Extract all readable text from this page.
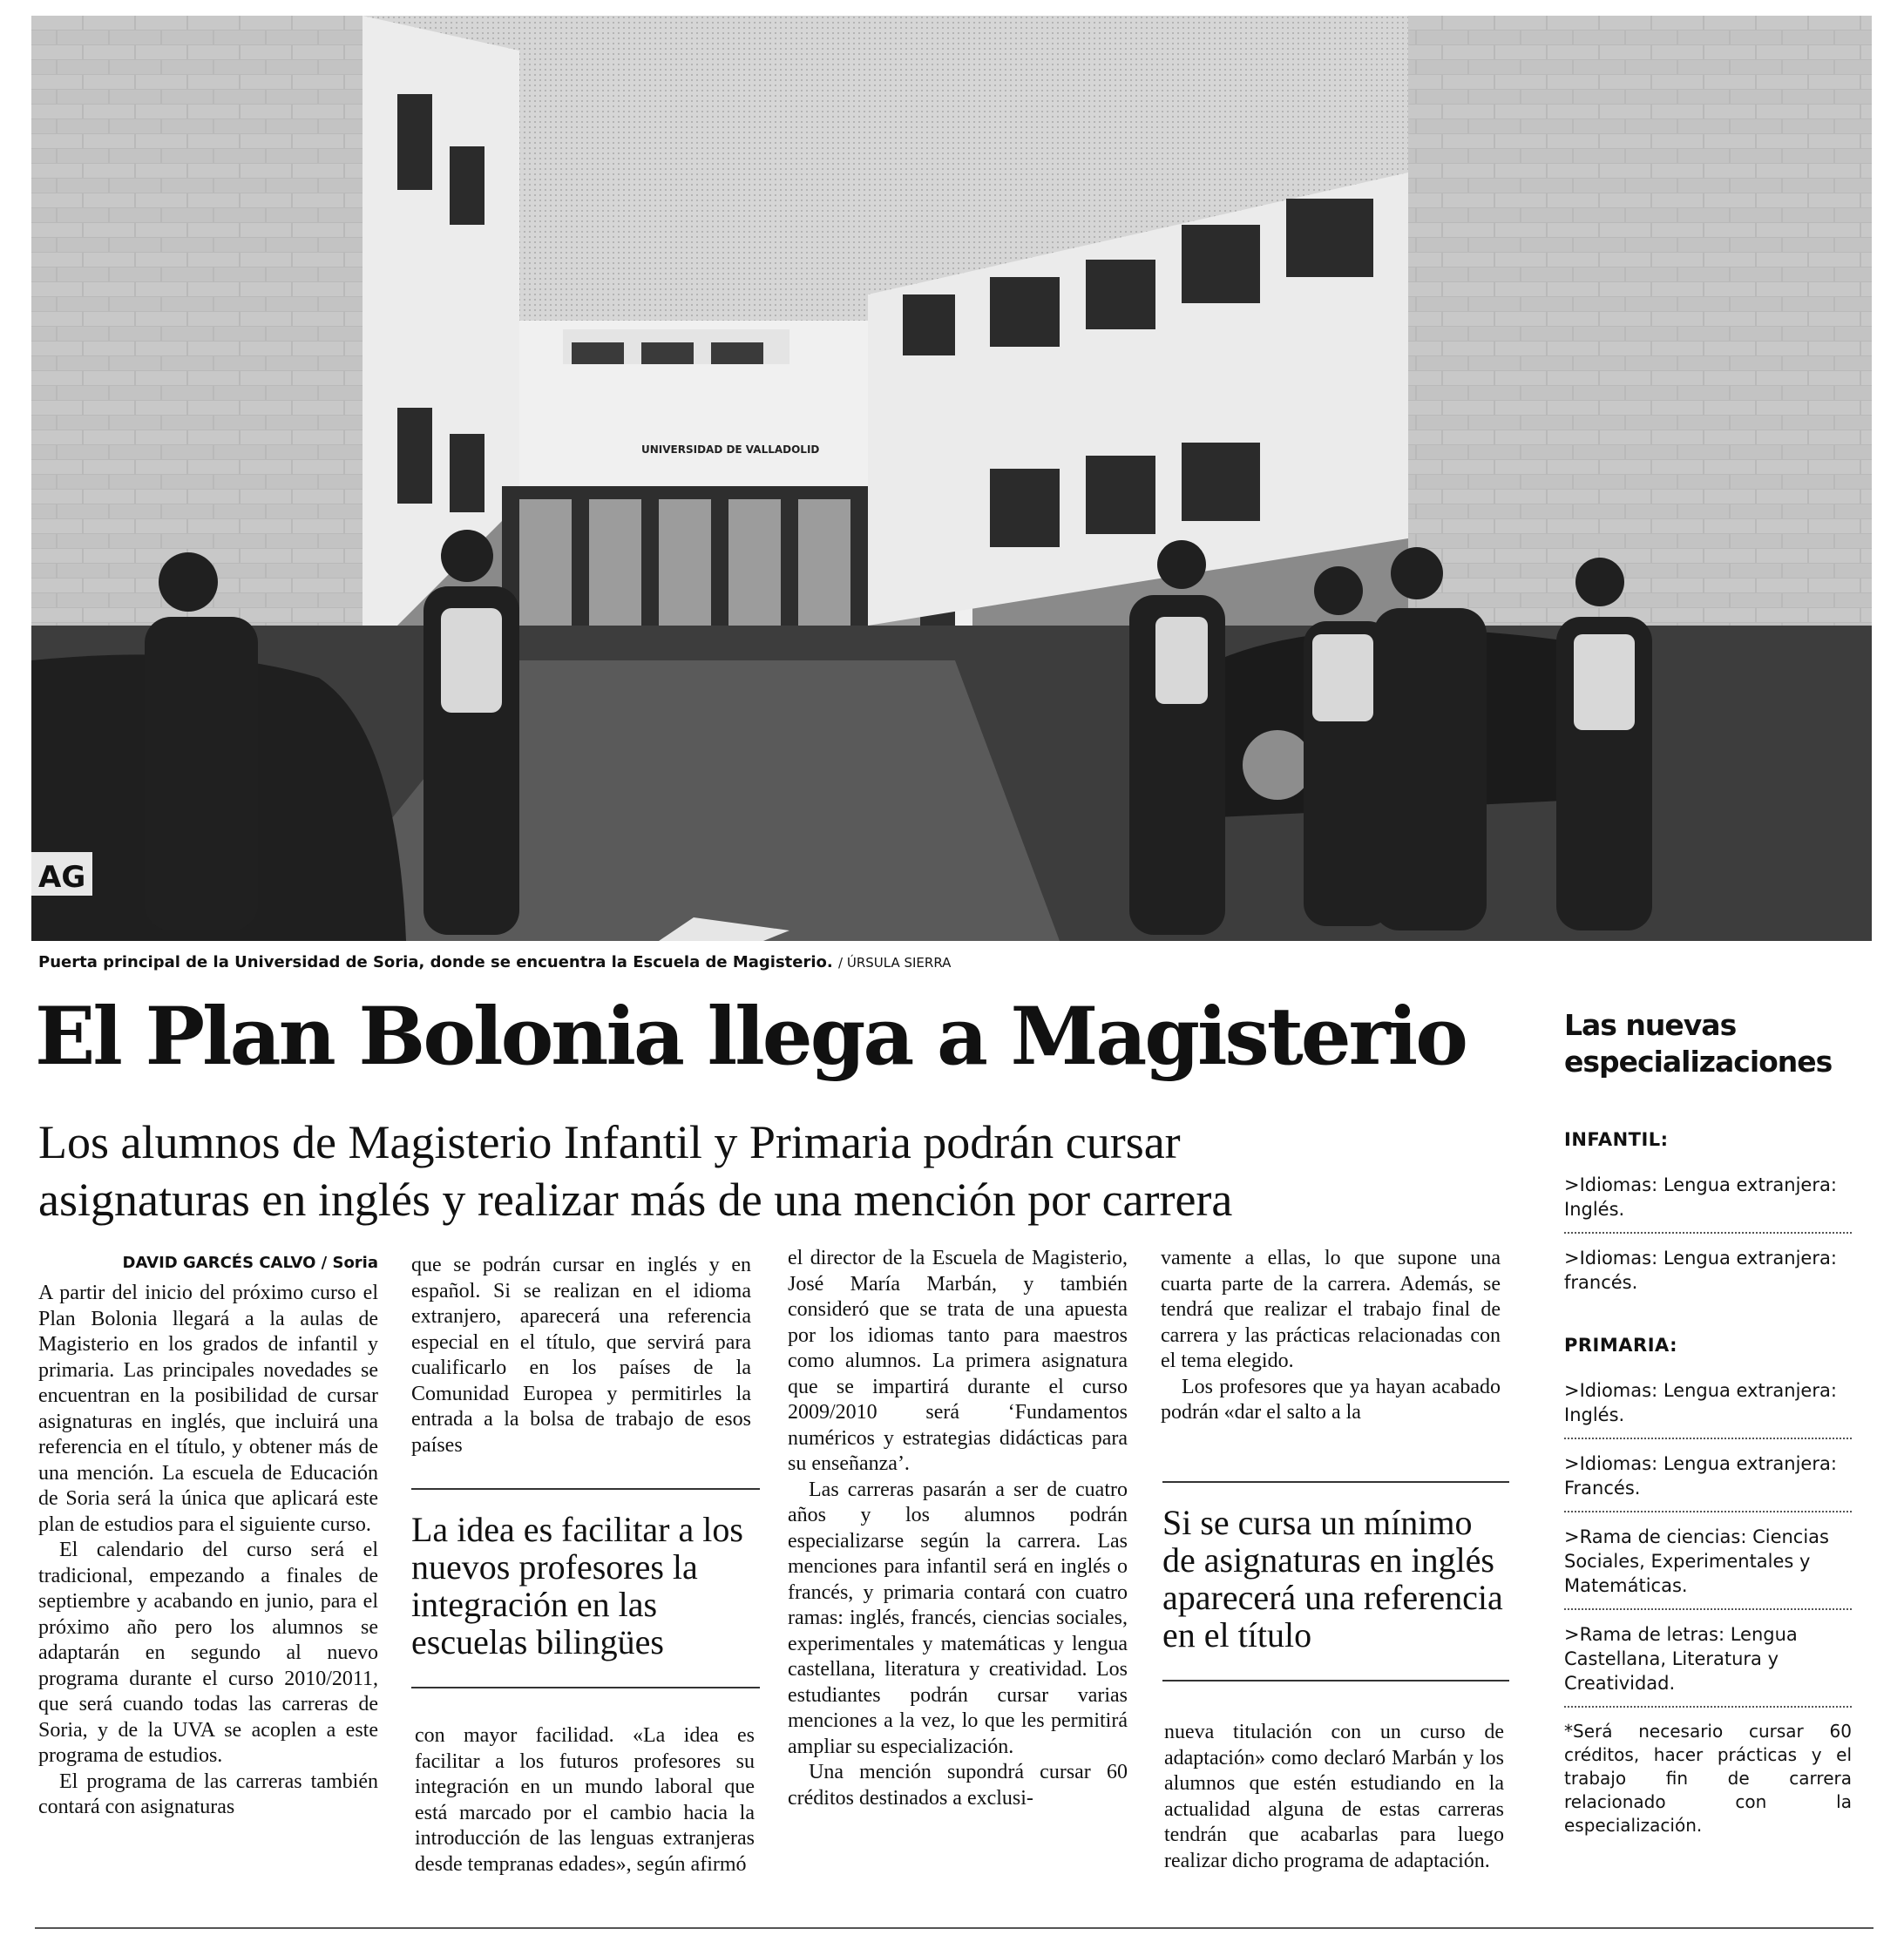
UNIVERSIDAD DE VALLADOLID
AG
Puerta principal de la Universidad de Soria, donde se encuentra la Escuela de Magisterio. / ÚRSULA SIERRA
El Plan Bolonia llega a Magisterio
Los alumnos de Magisterio Infantil y Primaria podrán cursar
asignaturas en inglés y realizar más de una mención por carrera
DAVID GARCÉS CALVO / Soria

A partir del inicio del próximo curso el Plan Bolonia llegará a la aulas de Magisterio en los grados de infantil y primaria. Las principales novedades se encuentran en la posibilidad de cursar asignaturas en inglés, que incluirá una referencia en el título, y obtener más de una mención. La escuela de Educación de Soria será la única que aplicará este plan de estudios para el siguiente curso.

El calendario del curso será el tradicional, empezando a finales de septiembre y acabando en junio, para el próximo año pero los alumnos se adaptarán en segundo al nuevo programa durante el curso 2010/2011, que será cuando todas las carreras de Soria, y de la UVA se acoplen a este programa de estudios.

El programa de las carreras también contará con asignaturas

que se podrán cursar en inglés y en español. Si se realizan en el idioma extranjero, aparecerá una referencia especial en el título, que servirá para cualificarlo en los países de la Comunidad Europea y permitirles la entrada a la bolsa de trabajo de esos países

La idea es facilitar a los nuevos profesores la integración en las escuelas bilingües

con mayor facilidad. «La idea es facilitar a los futuros profesores su integración en un mundo laboral que está marcado por el cambio hacia la introducción de las lenguas extranjeras desde tempranas edades», según afirmó

el director de la Escuela de Magisterio, José María Marbán, y también consideró que se trata de una apuesta por los idiomas tanto para maestros como alumnos. La primera asignatura que se impartirá durante el curso 2009/2010 será ‘Fundamentos numéricos y estrategias didácticas para su enseñanza’.

Las carreras pasarán a ser de cuatro años y los alumnos podrán especializarse según la carrera. Las menciones para infantil será en inglés o francés, y primaria contará con cuatro ramas: inglés, francés, ciencias sociales, experimentales y matemáticas y lengua castellana, literatura y creatividad. Los estudiantes podrán cursar varias menciones a la vez, lo que les permitirá ampliar su especialización.

Una mención supondrá cursar 60 créditos destinados a exclusi-

vamente a ellas, lo que supone una cuarta parte de la carrera. Además, se tendrá que realizar el trabajo final de carrera y las prácticas relacionadas con el tema elegido.

Los profesores que ya hayan acabado podrán «dar el salto a la

Si se cursa un mínimo de asignaturas en inglés aparecerá una referencia en el título

nueva titulación con un curso de adaptación» como declaró Marbán y los alumnos que estén estudiando en la actualidad alguna de estas carreras tendrán que acabarlas para luego realizar dicho programa de adaptación.

Las nuevas
especializaciones
INFANTIL:
>Idiomas: Lengua extranjera: Inglés.
>Idiomas: Lengua extranjera: francés.
PRIMARIA:
>Idiomas: Lengua extranjera: Inglés.
>Idiomas: Lengua extranjera: Francés.
>Rama de ciencias: Ciencias Sociales, Experimentales y Matemáticas.
>Rama de letras: Lengua Castellana, Literatura y Creatividad.
*Será necesario cursar 60 créditos, hacer prácticas y el trabajo fin de carrera relacionado con la especialización.
